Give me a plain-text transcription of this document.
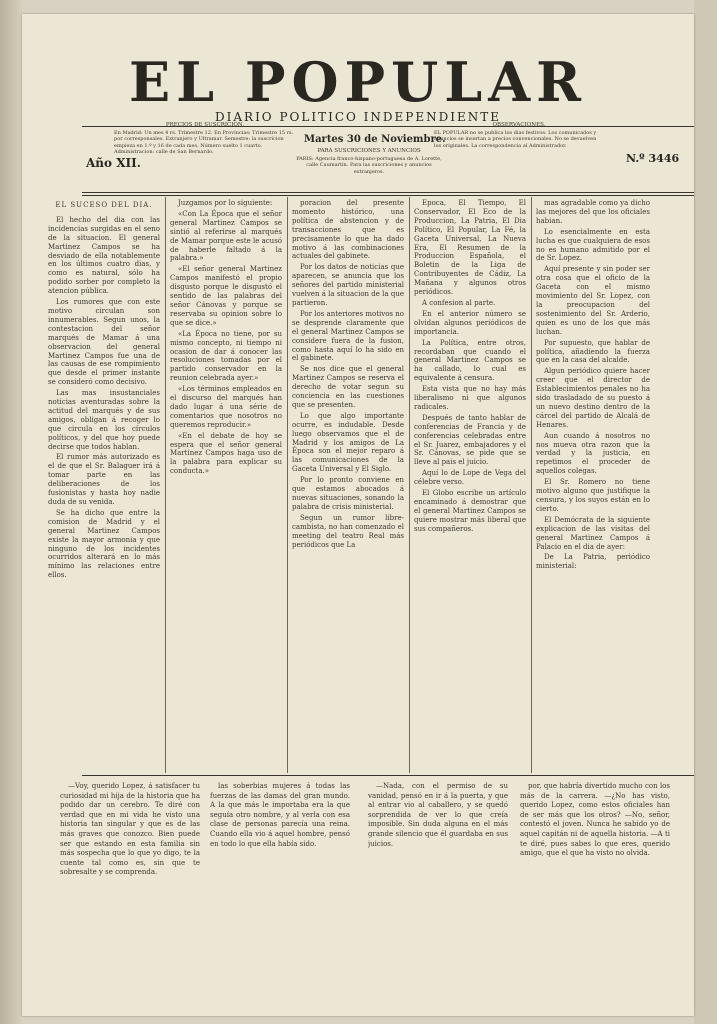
EL POPULAR
DIARIO POLITICO INDEPENDIENTE
PRECIOS DE SUSCRICION.
En Madrid: Un mes 4 rs. Trimestre 12. En Provincias: Trimestre 15 rs. por corresponsales. Extranjero y Ultramar. Semestre: la suscricion empieza en 1.º y 16 de cada mes. Número suelto 1 cuarto. Administracion: calle de San Bernardo.
Año XII.
Martes 30 de Noviembre.
PARA SUSCRICIONES Y ANUNCIOS
PARIS: Agencia franco-hispano-portuguesa de A. Lorette, calle Caumartin. Para las suscriciones y anuncios extranjeros.
OBSERVACIONES.
EL POPULAR no se publica los dias festivos. Los comunicados y anuncios se insertan a precios convencionales. No se devuelven los originales. La correspondencia al Administrador.
N.º 3446
EL SUCESO DEL DIA.

El hecho del dia con las incidencias surgidas en el seno de la situacion. El general Martinez Campos se ha desviado de ella notablemente en los últimos cuatro dias, y como es natural, sólo ha podido sorber por completo la atencion pública.

Los rumores que con este motivo circulan son innumerables. Segun unos, la contestacion del señor marqués de Mamar á una observacion del general Martinez Campos fue una de las causas de ese rompimiento que desde el primer instante se consideró como decisivo.

Las mas insustanciales noticias aventuradas sobre la actitud del marqués y de sus amigos, obligan á recoger lo que circula en los círculos políticos, y del que hoy puede decirse que todos hablan.

El rumor más autorizado es el de que el Sr. Balaguer irá á tomar parte en las deliberaciones de los fusionistas y hasta hoy nadie duda de su venida.

Se ha dicho que entre la comision de Madrid y el general Martinez Campos existe la mayor armonia y que ninguno de los incidentes ocurridos alterará en lo más mínimo las relaciones entre ellos.

Juzgamos por lo siguiente:

«Con La Época que el señor general Martinez Campos se sintió al referirse al marqués de Mamar porque este le acusó de haberle faltado á la palabra.»

«El señor general Martinez Campos manifestó el propio disgusto porque le disgustó el sentido de las palabras del señor Cánovas y porque se reservaba su opinion sobre lo que se dice.»

«La Época no tiene, por su mismo concepto, ni tiempo ni ocasion de dar á conocer las resoluciones tomadas por el partido conservador en la reunion celebrada ayer.»

«Los términos empleados en el discurso del marqués han dado lugar á una série de comentarios que nosotros no queremos reproducir.»

«En el debate de hoy se espera que el señor general Martinez Campos haga uso de la palabra para explicar su conducta.»

poracion del presente momento histórico, una política de abstencion y de transacciones que es precisamente lo que ha dado motivo á las combinaciones actuales del gabinete.

Por los datos de noticias que aparecen, se anuncia que los señores del partido ministerial vuelven á la situacion de la que partieron.

Por los anteriores motivos no se desprende claramente que el general Martinez Campos se considere fuera de la fusion, como hasta aquí lo ha sido en el gabinete.

Se nos dice que el general Martinez Campos se reserva el derecho de votar segun su conciencia en las cuestiones que se presenten.

Lo que algo importante ocurre, es indudable. Desde luego observamos que el de Madrid y los amigos de La Época son el mejor reparo á las comunicaciones de la Gaceta Universal y El Siglo.

Por lo pronto conviene en que estamos abocados á nuevas situaciones, sonando la palabra de crisis ministerial.

Segun un rumor libre-cambista, no han comenzado el meeting del teatro Real más periódicos que La

Época, El Tiempo, El Conservador, El Eco de la Produccion, La Patria, El Dia Político, El Popular, La Fé, la Gaceta Universal, La Nueva Era, El Resumen de la Produccion Española, el Boletin de la Liga de Contribuyentes de Cádiz, La Mañana y algunos otros periódicos.

A confesion al parte.

En el anterior número se olvidan algunos periódicos de importancia.

La Política, entre otros, recordaban que cuando el general Martinez Campos se ha callado, lo cual es equivalente á censura.

Esta vista que no hay más liberalismo ni que algunos radicales.

Después de tanto hablar de conferencias de Francia y de conferencias celebradas entre el Sr. Juarez, embajadores y el Sr. Cánovas, se pide que se lleve al pais el juicio.

Aquí lo de Lope de Vega del célebre verso.

El Globo escribe un artículo encaminado á demostrar que el general Martinez Campos se quiere mostrar más liberal que sus compañeros.

mas agradable como ya dicho las mejores del que los oficiales habian.

Lo esencialmente en esta lucha es que cualquiera de esos no es humano admitido por el de Sr. Lopez.

Aquí presente y sin poder ser otra cosa que el oficio de la Gaceta con el mismo movimiento del Sr. Lopez, con la preocupacion del sostenimiento del Sr. Arderio, quien es uno de los que más luchan.

Por supuesto, que hablar de política, añadiendo la fuerza que en la casa del alcalde.

Algun periódico quiere hacer creer que el director de Establecimientos penales no ha sido trasladado de su puesto á un nuevo destino dentro de la cárcel del partido de Alcalá de Henares.

Aun cuando á nosotros no nos mueva otra razon que la verdad y la justicia, en repetimos el proceder de aquellos colegas.

El Sr. Romero no tiene motivo alguno que justifique la censura, y los suyos están en lo cierto.

El Demócrata de la siguiente explicacion de las visitas del general Martinez Campos á Palacio en el dia de ayer:

De La Patria, periódico ministerial:

—Voy, querido Lopez, á satisfacer tu curiosidad mi hija de la historia que ha podido dar un cerebro. Te diré con verdad que en mi vida he visto una historia tan singular y que es de las más graves que conozco. Bien puede ser que estando en esta familia sin más sospecha que lo que yo digo, te la cuente tal como es, sin que te sobresalte y se comprenda.

las soberbias mujeres á todas las fuerzas de las damas del gran mundo. A la que más le importaba era la que seguía otro nombre, y al verla con esa clase de personas parecía una reina. Cuando ella vio á aquel hombre, pensó en todo lo que ella había sido.

—Nada, con el permiso de su vanidad, pensó en ir á la puerta, y que al entrar vio al caballero, y se quedó sorprendida de ver lo que creía imposible. Sin duda alguna en el más grande silencio que él guardaba en sus juicios.

por, que habría divertido mucho con los más de la carrera. —¿No has visto, querido Lopez, como estos oficiales han de ser más que los otros? —No, señor, contestó el joven. Nunca he sabido yo de aquel capitán ni de aquella historia. —A ti te diré, pues sabes lo que eres, querido amigo, que el que ha visto no olvida.
